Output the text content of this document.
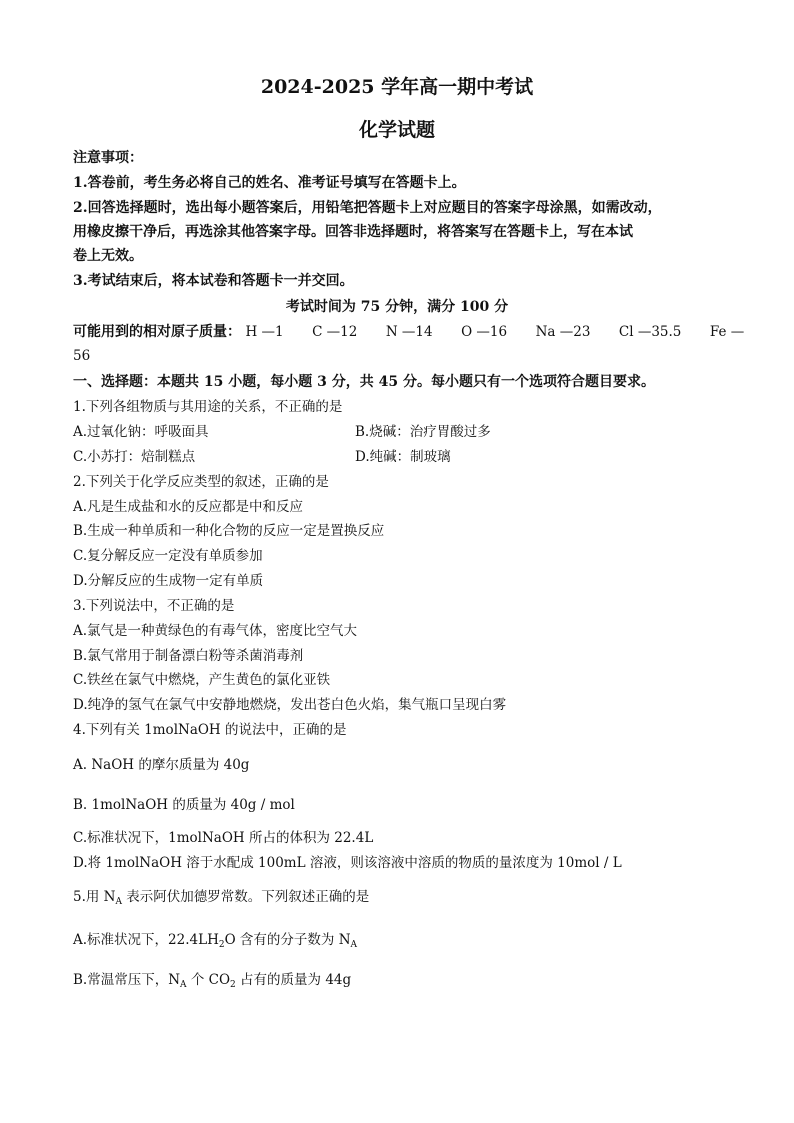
2024-2025 学年高一期中考试
化学试题
注意事项：
1.答卷前，考生务必将自己的姓名、准考证号填写在答题卡上。
2.回答选择题时，选出每小题答案后，用铅笔把答题卡上对应题目的答案字母涂黑，如需改动，
用橡皮擦干净后，再选涂其他答案字母。回答非选择题时，将答案写在答题卡上，写在本试
卷上无效。
3.考试结束后，将本试卷和答题卡一并交回。
考试时间为 75 分钟，满分 100 分
可能用到的相对原子质量： H —1 C —12 N —14 O —16 Na —23 Cl —35.5 Fe —
56
一、选择题：本题共 15 小题，每小题 3 分，共 45 分。每小题只有一个选项符合题目要求。
1.下列各组物质与其用途的关系，不正确的是
A.过氧化钠：呼吸面具	B.烧碱：治疗胃酸过多
C.小苏打：焙制糕点	D.纯碱：制玻璃
2.下列关于化学反应类型的叙述，正确的是
A.凡是生成盐和水的反应都是中和反应
B.生成一种单质和一种化合物的反应一定是置换反应
C.复分解反应一定没有单质参加
D.分解反应的生成物一定有单质
3.下列说法中，不正确的是
A.氯气是一种黄绿色的有毒气体，密度比空气大
B.氯气常用于制备漂白粉等杀菌消毒剂
C.铁丝在氯气中燃烧，产生黄色的氯化亚铁
D.纯净的氢气在氯气中安静地燃烧，发出苍白色火焰，集气瓶口呈现白雾
4.下列有关 1molNaOH 的说法中，正确的是
A. NaOH 的摩尔质量为 40g
B. 1molNaOH 的质量为 40g / mol
C.标准状况下，1molNaOH 所占的体积为 22.4L
D.将 1molNaOH 溶于水配成 100mL 溶液，则该溶液中溶质的物质的量浓度为 10mol / L
5.用 $N_A$ 表示阿伏加德罗常数。下列叙述正确的是
A.标准状况下，$22.4LH_2O$ 含有的分子数为 $N_A$
B.常温常压下，$N_A$ 个 $CO_2$ 占有的质量为 44g
